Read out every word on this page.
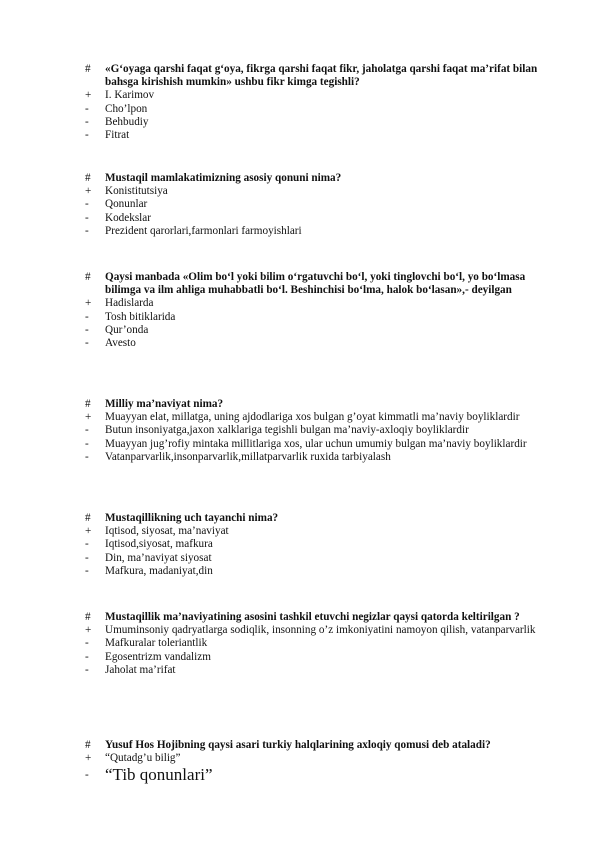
#	«G‘oyaga qarshi faqat g‘oya, fikrga qarshi faqat fikr, jaholatga qarshi faqat ma’rifat bilan bahsga kirishish mumkin» ushbu fikr kimga tegishli?
+	I. Karimov
-	Cho’lpon
-	Behbudiy
-	Fitrat
#	Mustaqil mamlakatimizning asosiy qonuni nima?
+	Konistitutsiya
-	Qonunlar
-	Kodekslar
-	Prezident qarorlari,farmonlari farmoyishlari
#	Qaysi manbada «Olim bo‘l yoki bilim o‘rgatuvchi bo‘l, yoki tinglovchi bo‘l, yo bo‘lmasa bilimga va ilm ahliga muhabbatli bo‘l. Beshinchisi bo‘lma, halok bo‘lasan»,- deyilgan
+	Hadislarda
-	Tosh bitiklarida
-	Qur’onda
-	Avesto
#	Milliy ma’naviyat nima?
+	Muayyan elat, millatga, uning ajdodlariga xos bulgan g’oyat kimmatli ma’naviy boyliklardir
-	Butun insoniyatga,jaxon xalklariga tegishli bulgan ma’naviy-axloqiy boyliklardir
-	Muayyan jug’rofiy mintaka millitlariga xos, ular uchun umumiy bulgan ma’naviy boyliklardir
-	Vatanparvarlik,insonparvarlik,millatparvarlik ruxida tarbiyalash
#	Mustaqillikning uch tayanchi nima?
+	Iqtisod, siyosat, ma’naviyat
-	Iqtisod,siyosat, mafkura
-	Din, ma’naviyat siyosat
-	Mafkura, madaniyat,din
#	Mustaqillik ma’naviyatining asosini tashkil etuvchi negizlar qaysi qatorda keltirilgan ?
+	Umuminsoniy qadryatlarga sodiqlik, insonning o’z imkoniyatini namoyon qilish, vatanparvarlik
-	Mafkuralar toleriantlik
-	Egosentrizm vandalizm
-	Jaholat ma’rifat
#	Yusuf Hos Hojibning qaysi asari turkiy halqlarining axloqiy qomusi deb ataladi?
+	“Qutadg’u bilig”
- “Tib qonunlari”
